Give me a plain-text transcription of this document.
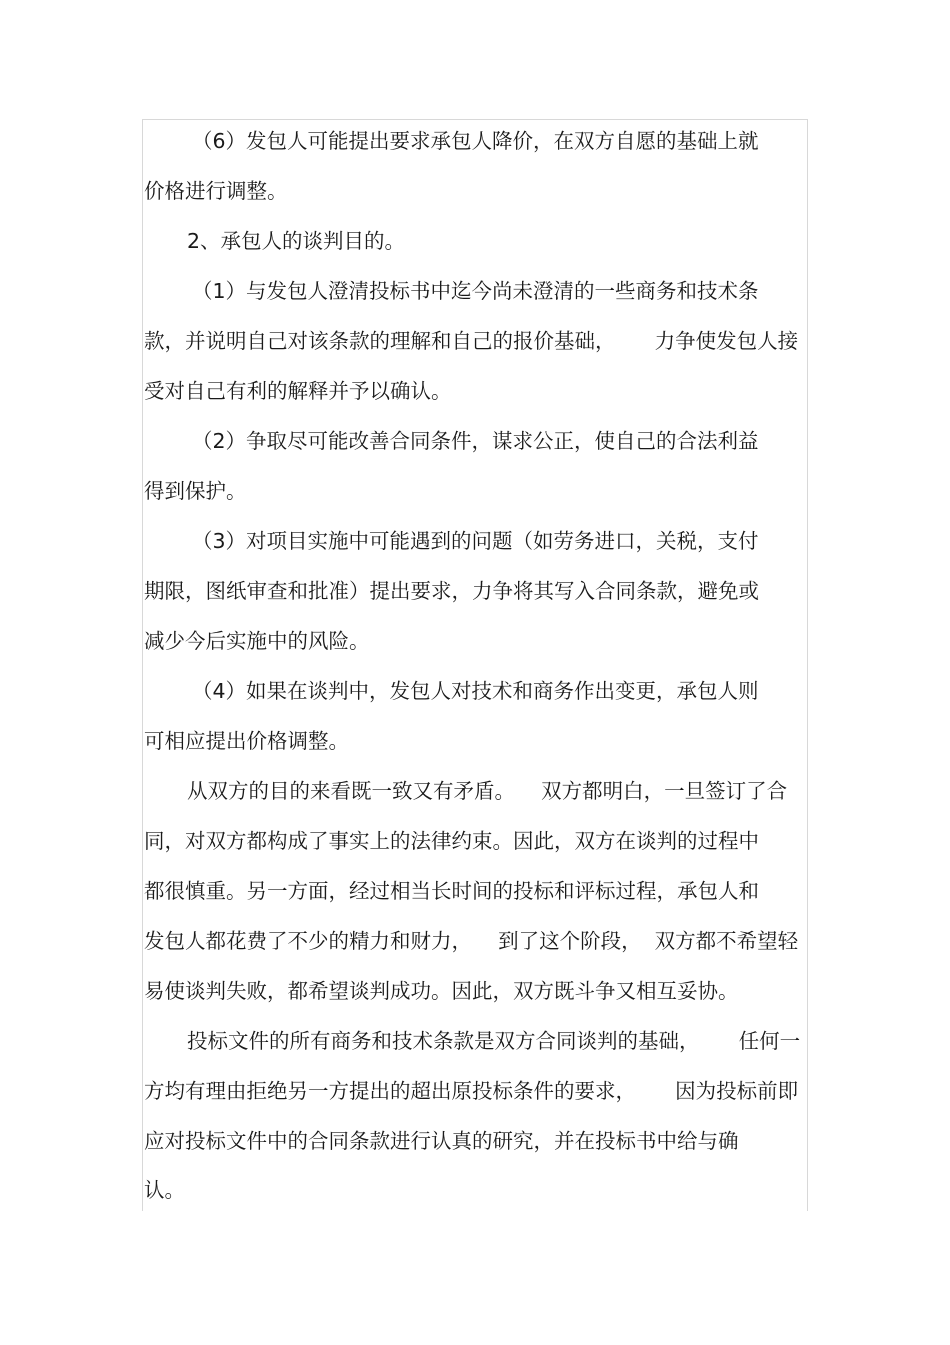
（6）发包人可能提出要求承包人降价，在双方自愿的基础上就

价格进行调整。

2、承包人的谈判目的。

（1）与发包人澄清投标书中迄今尚未澄清的一些商务和技术条

款，并说明自己对该条款的理解和自己的报价基础，      力争使发包人接

受对自己有利的解释并予以确认。

（2）争取尽可能改善合同条件，谋求公正，使自己的合法利益

得到保护。

（3）对项目实施中可能遇到的问题（如劳务进口，关税，支付

期限，图纸审查和批准）提出要求，力争将其写入合同条款，避免或

减少今后实施中的风险。

（4）如果在谈判中，发包人对技术和商务作出变更，承包人则

可相应提出价格调整。

从双方的目的来看既一致又有矛盾。    双方都明白，一旦签订了合

同，对双方都构成了事实上的法律约束。因此，双方在谈判的过程中

都很慎重。另一方面，经过相当长时间的投标和评标过程，承包人和

发包人都花费了不少的精力和财力，    到了这个阶段，  双方都不希望轻

易使谈判失败，都希望谈判成功。因此，双方既斗争又相互妥协。

投标文件的所有商务和技术条款是双方合同谈判的基础，      任何一

方均有理由拒绝另一方提出的超出原投标条件的要求，      因为投标前即

应对投标文件中的合同条款进行认真的研究，并在投标书中给与确

认。
